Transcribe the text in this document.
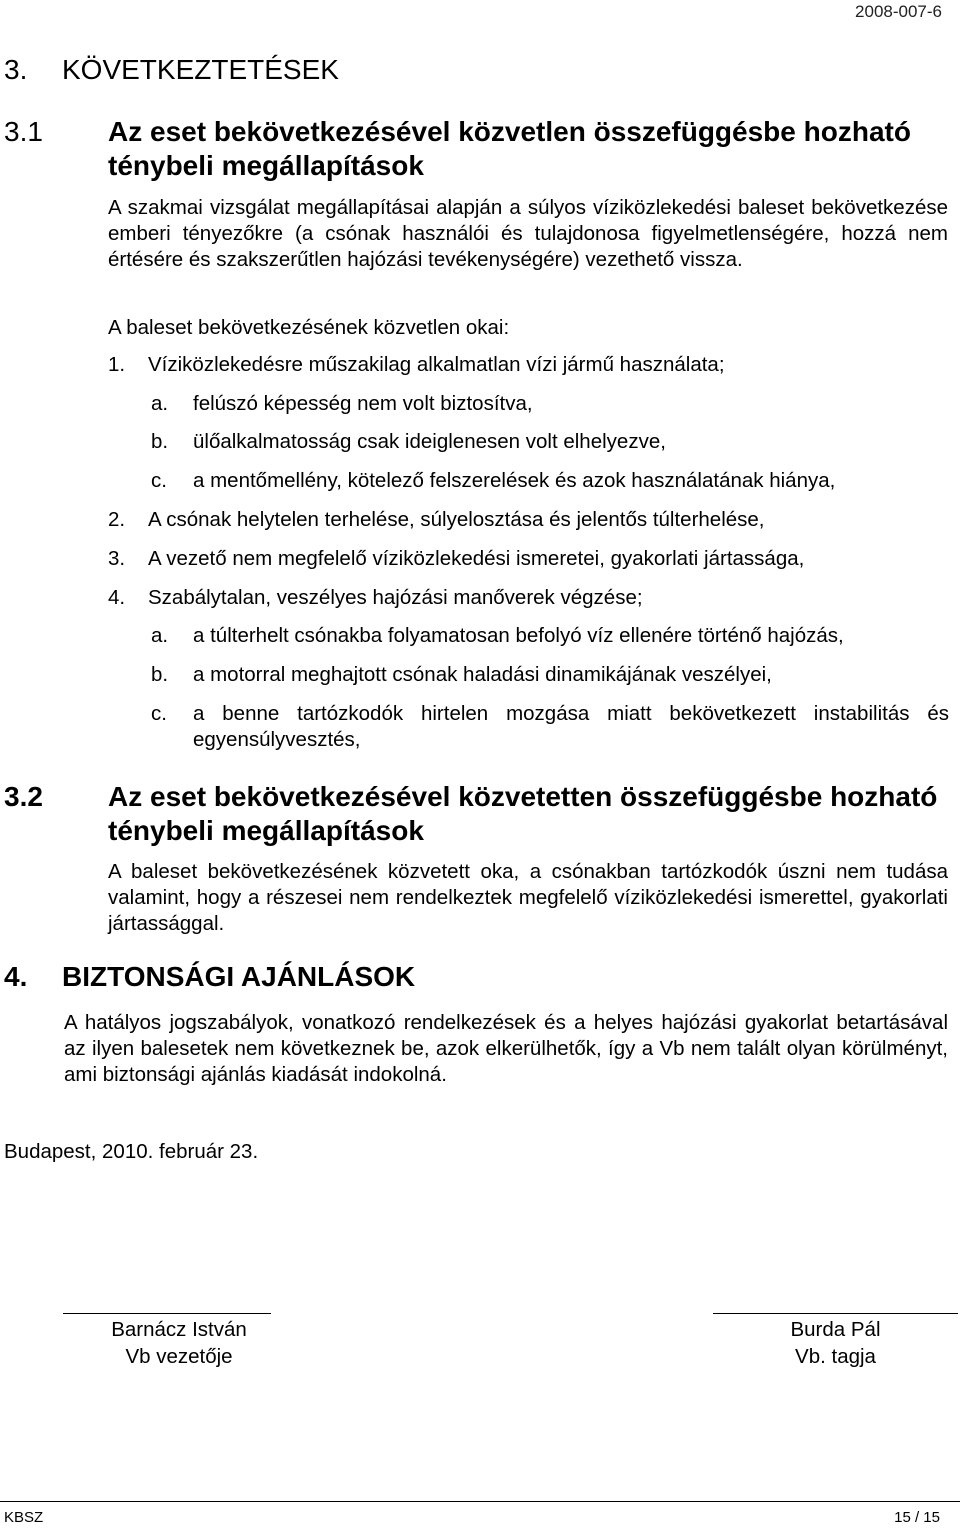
2008-007-6
3. KÖVETKEZTETÉSEK
3.1 Az eset bekövetkezésével közvetlen összefüggésbe hozható ténybeli megállapítások

A szakmai vizsgálat megállapításai alapján a súlyos víziközlekedési baleset bekövetkezése emberi tényezőkre (a csónak használói és tulajdonosa figyelmetlenségére, hozzá nem értésére és szakszerűtlen hajózási tevékenységére) vezethető vissza.

A baleset bekövetkezésének közvetlen okai:
1. Víziközlekedésre műszakilag alkalmatlan vízi jármű használata;
a. felúszó képesség nem volt biztosítva,
b. ülőalkalmatosság csak ideiglenesen volt elhelyezve,
c. a mentőmellény, kötelező felszerelések és azok használatának hiánya,
2. A csónak helytelen terhelése, súlyelosztása és jelentős túlterhelése,
3. A vezető nem megfelelő víziközlekedési ismeretei, gyakorlati jártassága,
4. Szabálytalan, veszélyes hajózási manőverek végzése;
a. a túlterhelt csónakba folyamatosan befolyó víz ellenére történő hajózás,
b. a motorral meghajtott csónak haladási dinamikájának veszélyei,
c. a benne tartózkodók hirtelen mozgása miatt bekövetkezett instabilitás és egyensúlyvesztés,
3.2 Az eset bekövetkezésével közvetetten összefüggésbe hozható ténybeli megállapítások

A baleset bekövetkezésének közvetett oka, a csónakban tartózkodók úszni nem tudása valamint, hogy a részesei nem rendelkeztek megfelelő víziközlekedési ismerettel, gyakorlati jártassággal.

4. BIZTONSÁGI AJÁNLÁSOK

A hatályos jogszabályok, vonatkozó rendelkezések és a helyes hajózási gyakorlat betartásával az ilyen balesetek nem következnek be, azok elkerülhetők, így a Vb nem talált olyan körülményt, ami biztonsági ajánlás kiadását indokolná.

Budapest, 2010. február 23.
Barnácz István
Vb vezetője
Burda Pál
Vb. tagja
KBSZ	15 / 15
